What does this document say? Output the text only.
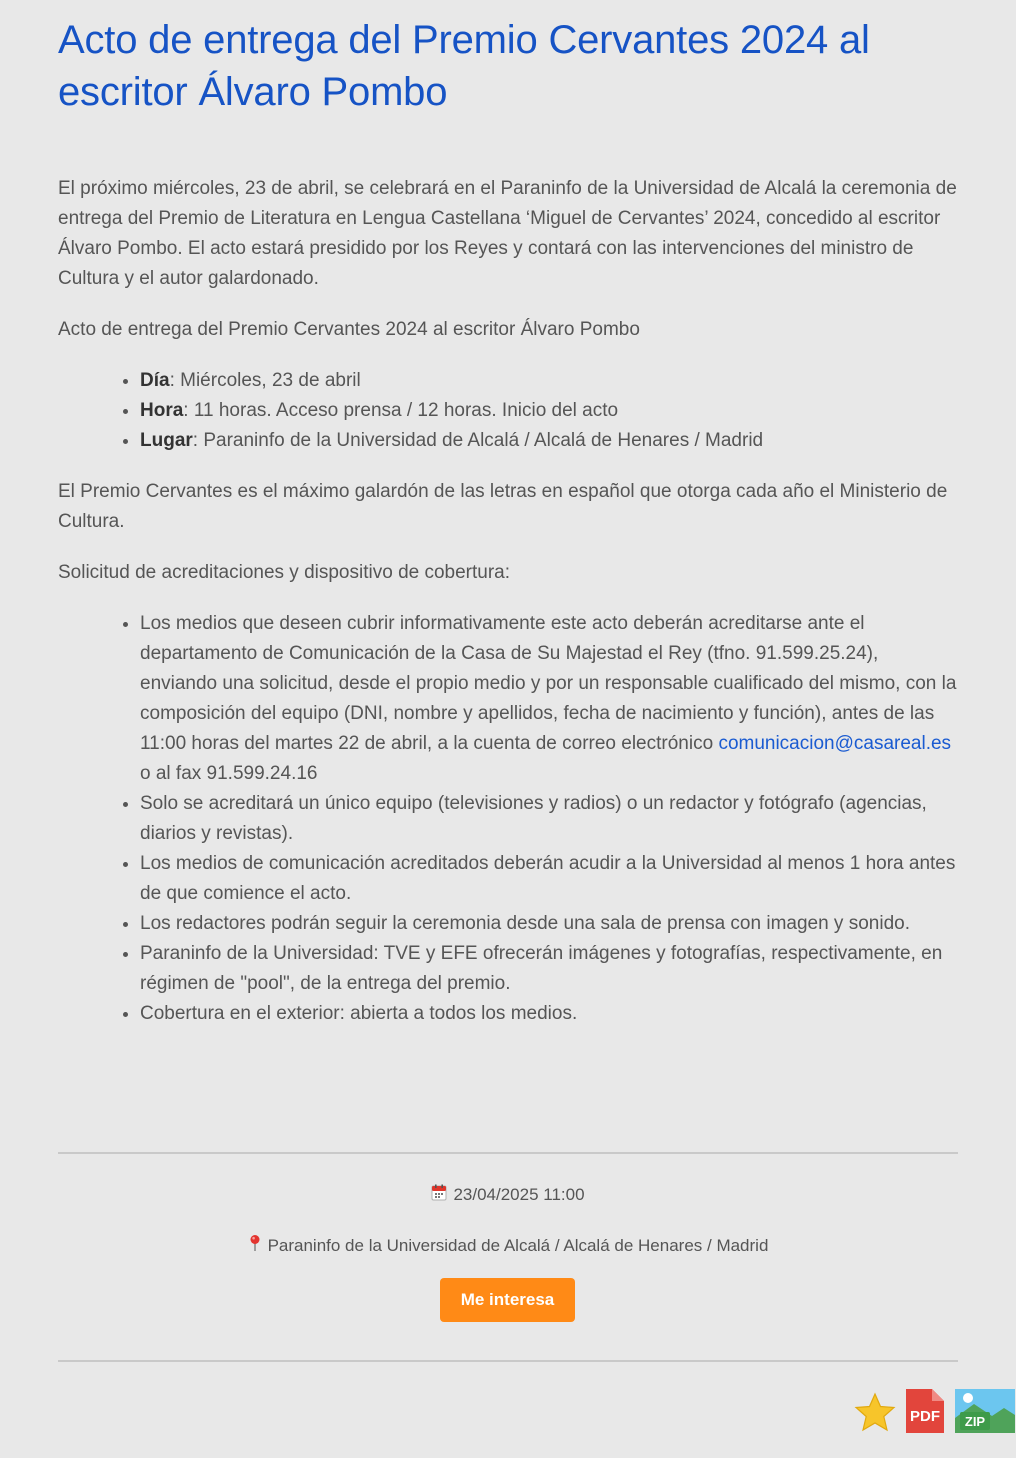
Acto de entrega del Premio Cervantes 2024 al escritor Álvaro Pombo

El próximo miércoles, 23 de abril, se celebrará en el Paraninfo de la Universidad de Alcalá la ceremonia de entrega del Premio de Literatura en Lengua Castellana ‘Miguel de Cervantes’ 2024, concedido al escritor Álvaro Pombo. El acto estará presidido por los Reyes y contará con las intervenciones del ministro de Cultura y el autor galardonado.

Acto de entrega del Premio Cervantes 2024 al escritor Álvaro Pombo

• Día: Miércoles, 23 de abril
• Hora: 11 horas. Acceso prensa / 12 horas. Inicio del acto
• Lugar: Paraninfo de la Universidad de Alcalá / Alcalá de Henares / Madrid

El Premio Cervantes es el máximo galardón de las letras en español que otorga cada año el Ministerio de Cultura.

Solicitud de acreditaciones y dispositivo de cobertura:

• Los medios que deseen cubrir informativamente este acto deberán acreditarse ante el departamento de Comunicación de la Casa de Su Majestad el Rey (tfno. 91.599.25.24), enviando una solicitud, desde el propio medio y por un responsable cualificado del mismo, con la composición del equipo (DNI, nombre y apellidos, fecha de nacimiento y función), antes de las 11:00 horas del martes 22 de abril, a la cuenta de correo electrónico comunicacion@casareal.es o al fax 91.599.24.16
• Solo se acreditará un único equipo (televisiones y radios) o un redactor y fotógrafo (agencias, diarios y revistas).
• Los medios de comunicación acreditados deberán acudir a la Universidad al menos 1 hora antes de que comience el acto.
• Los redactores podrán seguir la ceremonia desde una sala de prensa con imagen y sonido.
• Paraninfo de la Universidad: TVE y EFE ofrecerán imágenes y fotografías, respectivamente, en régimen de "pool", de la entrega del premio.
• Cobertura en el exterior: abierta a todos los medios.
23/04/2025 11:00
Paraninfo de la Universidad de Alcalá / Alcalá de Henares / Madrid
Me interesa
PDF ZIP
